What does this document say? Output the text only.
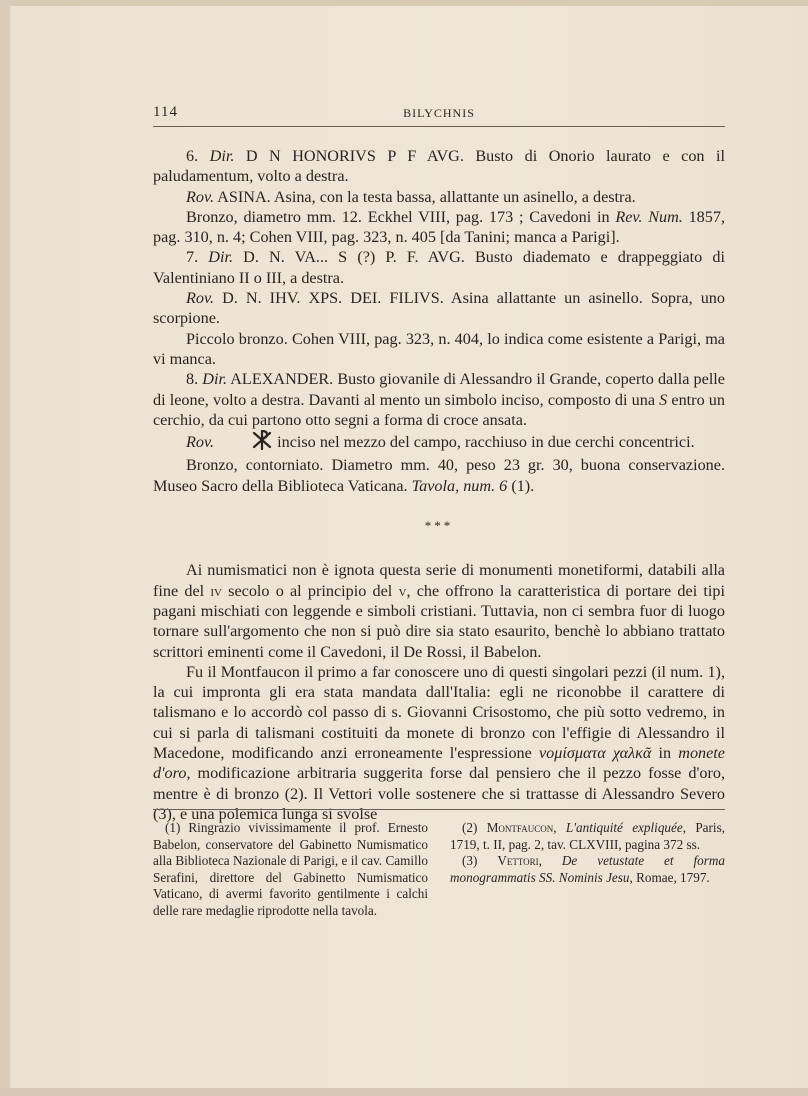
114	BILYCHNIS

6. Dir. D N HONORIVS P F AVG. Busto di Onorio laurato e con il paludamentum, volto a destra.

Rov. ASINA. Asina, con la testa bassa, allattante un asinello, a destra.

Bronzo, diametro mm. 12. Eckhel VIII, pag. 173 ; Cavedoni in Rev. Num. 1857, pag. 310, n. 4; Cohen VIII, pag. 323, n. 405 [da Tanini; manca a Parigi].

7. Dir. D. N. VA... S (?) P. F. AVG. Busto diademato e drappeggiato di Valentiniano II o III, a destra.

Rov. D. N. IHV. XPS. DEI. FILIVS. Asina allattante un asinello. Sopra, uno scorpione.

Piccolo bronzo. Cohen VIII, pag. 323, n. 404, lo indica come esistente a Parigi, ma vi manca.

8. Dir. ALEXANDER. Busto giovanile di Alessandro il Grande, coperto dalla pelle di leone, volto a destra. Davanti al mento un simbolo inciso, composto di una S entro un cerchio, da cui partono otto segni a forma di croce ansata.

Rov.	inciso nel mezzo del campo, racchiuso in due cerchi concentrici.

Bronzo, contorniato. Diametro mm. 40, peso 23 gr. 30, buona conservazione. Museo Sacro della Biblioteca Vaticana. Tavola, num. 6 (1).

***

Ai numismatici non è ignota questa serie di monumenti monetiformi, databili alla fine del iv secolo o al principio del v, che offrono la caratteristica di portare dei tipi pagani mischiati con leggende e simboli cristiani. Tuttavia, non ci sembra fuor di luogo tornare sull'argomento che non si può dire sia stato esaurito, benchè lo abbiano trattato scrittori eminenti come il Cavedoni, il De Rossi, il Babelon.

Fu il Montfaucon il primo a far conoscere uno di questi singolari pezzi (il num. 1), la cui impronta gli era stata mandata dall'Italia: egli ne riconobbe il carattere di talismano e lo accordò col passo di s. Giovanni Crisostomo, che più sotto vedremo, in cui si parla di talismani costituiti da monete di bronzo con l'effigie di Alessandro il Macedone, modificando anzi erroneamente l'espressione νομίσματα χαλκᾶ in monete d'oro, modificazione arbitraria suggerita forse dal pensiero che il pezzo fosse d'oro, mentre è di bronzo (2). Il Vettori volle sostenere che si trattasse di Alessandro Severo (3), e una polemica lunga si svolse

(1) Ringrazio vivissimamente il prof. Ernesto Babelon, conservatore del Gabinetto Numismatico alla Biblioteca Nazionale di Parigi, e il cav. Camillo Serafini, direttore del Gabinetto Numismatico Vaticano, di avermi favorito gentilmente i calchi delle rare medaglie riprodotte nella tavola.

(2) Montfaucon, L'antiquité expliquée, Paris, 1719, t. II, pag. 2, tav. CLXVIII, pagina 372 ss.

(3) Vettori, De vetustate et forma monogrammatis SS. Nominis Jesu, Romae, 1797.
